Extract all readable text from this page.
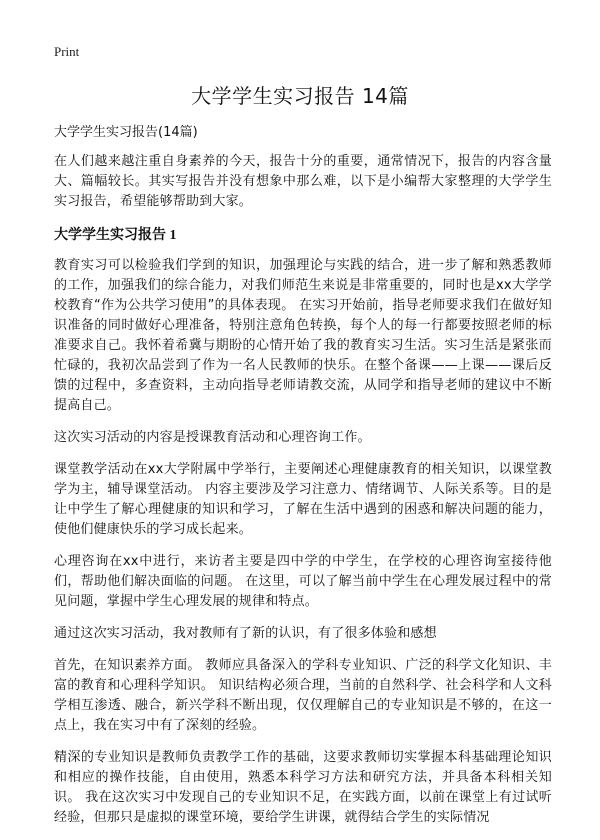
Print
大学学生实习报告 14篇

大学学生实习报告(14篇)

在人们越来越注重自身素养的今天，报告十分的重要，通常情况下，报告的内容含量大、篇幅较长。其实写报告并没有想象中那么难，以下是小编帮大家整理的大学学生实习报告，希望能够帮助到大家。

大学学生实习报告 1

教育实习可以检验我们学到的知识，加强理论与实践的结合，进一步了解和熟悉教师的工作，加强我们的综合能力，对我们师范生来说是非常重要的，同时也是xx大学学校教育“作为公共学习使用”的具体表现。 在实习开始前，指导老师要求我们在做好知识准备的同时做好心理准备，特别注意角色转换，每个人的每一行都要按照老师的标准要求自己。我怀着希冀与期盼的心情开始了我的教育实习生活。实习生活是紧张而忙碌的，我初次品尝到了作为一名人民教师的快乐。在整个备课——上课——课后反馈的过程中，多查资料，主动向指导老师请教交流，从同学和指导老师的建议中不断提高自己。

这次实习活动的内容是授课教育活动和心理咨询工作。

课堂教学活动在xx大学附属中学举行，主要阐述心理健康教育的相关知识，以课堂教学为主，辅导课堂活动。 内容主要涉及学习注意力、情绪调节、人际关系等。目的是让中学生了解心理健康的知识和学习，了解在生活中遇到的困惑和解决问题的能力，使他们健康快乐的学习成长起来。

心理咨询在xx中进行，来访者主要是四中学的中学生，在学校的心理咨询室接待他们，帮助他们解决面临的问题。 在这里，可以了解当前中学生在心理发展过程中的常见问题，掌握中学生心理发展的规律和特点。

通过这次实习活动，我对教师有了新的认识，有了很多体验和感想

首先，在知识素养方面。 教师应具备深入的学科专业知识、广泛的科学文化知识、丰富的教育和心理科学知识。 知识结构必须合理，当前的自然科学、社会科学和人文科学相互渗透、融合，新兴学科不断出现，仅仅理解自己的专业知识是不够的，在这一点上，我在实习中有了深刻的经验。

精深的专业知识是教师负责教学工作的基础，这要求教师切实掌握本科基础理论知识和相应的操作技能，自由使用，熟悉本科学习方法和研究方法，并具备本科相关知识。 我在这次实习中发现自己的专业知识不足，在实践方面，以前在课堂上有过试听经验，但那只是虚拟的课堂环境，要给学生讲课，就得结合学生的实际情况
